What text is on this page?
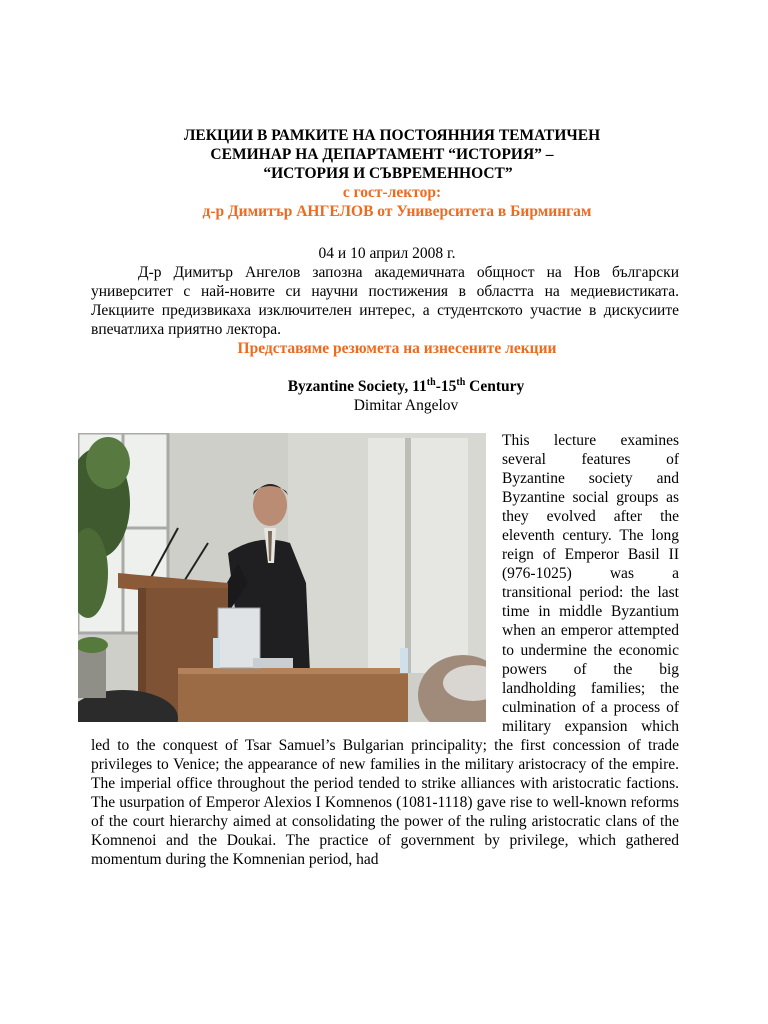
ЛЕКЦИИ В РАМКИТЕ НА ПОСТОЯННИЯ ТЕМАТИЧЕН
СЕМИНАР НА ДЕПАРТАМЕНТ “ИСТОРИЯ” –
“ИСТОРИЯ И СЪВРЕМЕННОСТ”

с гост-лектор:
д-р Димитър АНГЕЛОВ от Университета в Бирмингам

04 и 10 април 2008 г.

Д-р Димитър Ангелов запозна академичната общност на Нов български университет с най-новите си научни постижения в областта на медиевистиката. Лекциите предизвикаха изключителен интерес, а студентското участие в дискусиите впечатлиха приятно лектора.

Представяме резюмета на изнесените лекции

Byzantine Society, 11th-15th Century

Dimitar Angelov

This lecture examines several features of Byzantine society and Byzantine social groups as they evolved after the eleventh century. The long reign of Emperor Basil II (976-1025) was a transitional period: the last time in middle Byzantium when an emperor attempted to undermine the economic powers of the big landholding families; the culmination of a process of military expansion which led to the conquest of Tsar Samuel’s Bulgarian principality; the first concession of trade privileges to Venice; the appearance of new families in the military aristocracy of the empire. The imperial office throughout the period tended to strike alliances with aristocratic factions. The usurpation of Emperor Alexios I Komnenos (1081-1118) gave rise to well-known reforms of the court hierarchy aimed at consolidating the power of the ruling aristocratic clans of the Komnenoi and the Doukai. The practice of government by privilege, which gathered momentum during the Komnenian period, had
